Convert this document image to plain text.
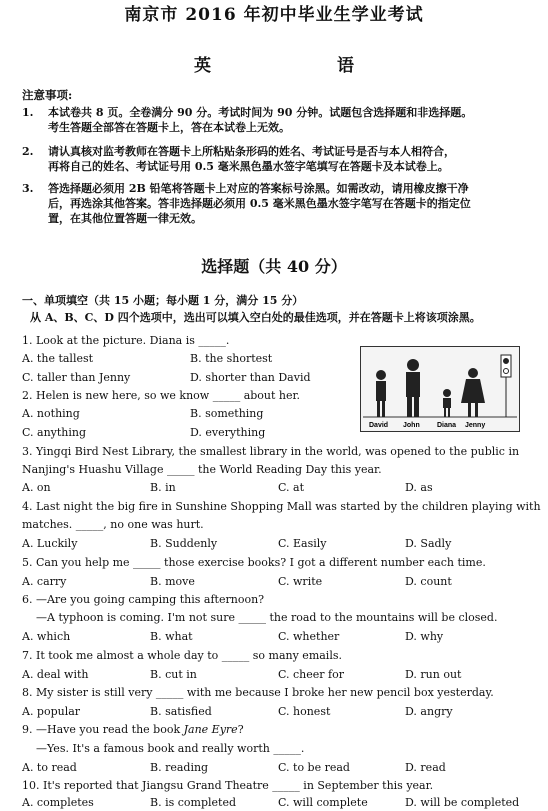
南京市 2016 年初中毕业生学业考试
英 语
注意事项:
1. 本试卷共 8 页。全卷满分 90 分。考试时间为 90 分钟。试题包含选择题和非选择题。
考生答题全部答在答题卡上，答在本试卷上无效。
2. 请认真核对监考教师在答题卡上所粘贴条形码的姓名、考试证号是否与本人相符合，
再将自己的姓名、考试证号用 0.5 毫米黑色墨水签字笔填写在答题卡及本试卷上。
3. 答选择题必须用 2B 铅笔将答题卡上对应的答案标号涂黑。如需改动，请用橡皮擦干净
后，再选涂其他答案。答非选择题必须用 0.5 毫米黑色墨水签字笔写在答题卡的指定位
置，在其他位置答题一律无效。
选择题（共 40 分）
一、单项填空（共 15 小题；每小题 1 分，满分 15 分）
从 A、B、C、D 四个选项中，选出可以填入空白处的最佳选项，并在答题卡上将该项涂黑。
David John Diana Jenny
1. Look at the picture. Diana is _____.
A. the tallest	B. the shortest
C. taller than Jenny	D. shorter than David
2. Helen is new here, so we know _____ about her.
A. nothing	B. something
C. anything	D. everything
3. Yingqi Bird Nest Library, the smallest library in the world, was opened to the public in
Nanjing's Huashu Village _____ the World Reading Day this year.
A. on	B. in	C. at	D. as
4. Last night the big fire in Sunshine Shopping Mall was started by the children playing with
matches. _____, no one was hurt.
A. Luckily	B. Suddenly	C. Easily	D. Sadly
5. Can you help me _____ those exercise books? I got a different number each time.
A. carry	B. move	C. write	D. count
6. —Are you going camping this afternoon?
—A typhoon is coming. I'm not sure _____ the road to the mountains will be closed.
A. which	B. what	C. whether	D. why
7. It took me almost a whole day to _____ so many emails.
A. deal with	B. cut in	C. cheer for	D. run out
8. My sister is still very _____ with me because I broke her new pencil box yesterday.
A. popular	B. satisfied	C. honest	D. angry
9. —Have you read the book Jane Eyre?
—Yes. It's a famous book and really worth _____.
A. to read	B. reading	C. to be read	D. read
10. It's reported that Jiangsu Grand Theatre _____ in September this year.
A. completes	B. is completed	C. will complete	D. will be completed
